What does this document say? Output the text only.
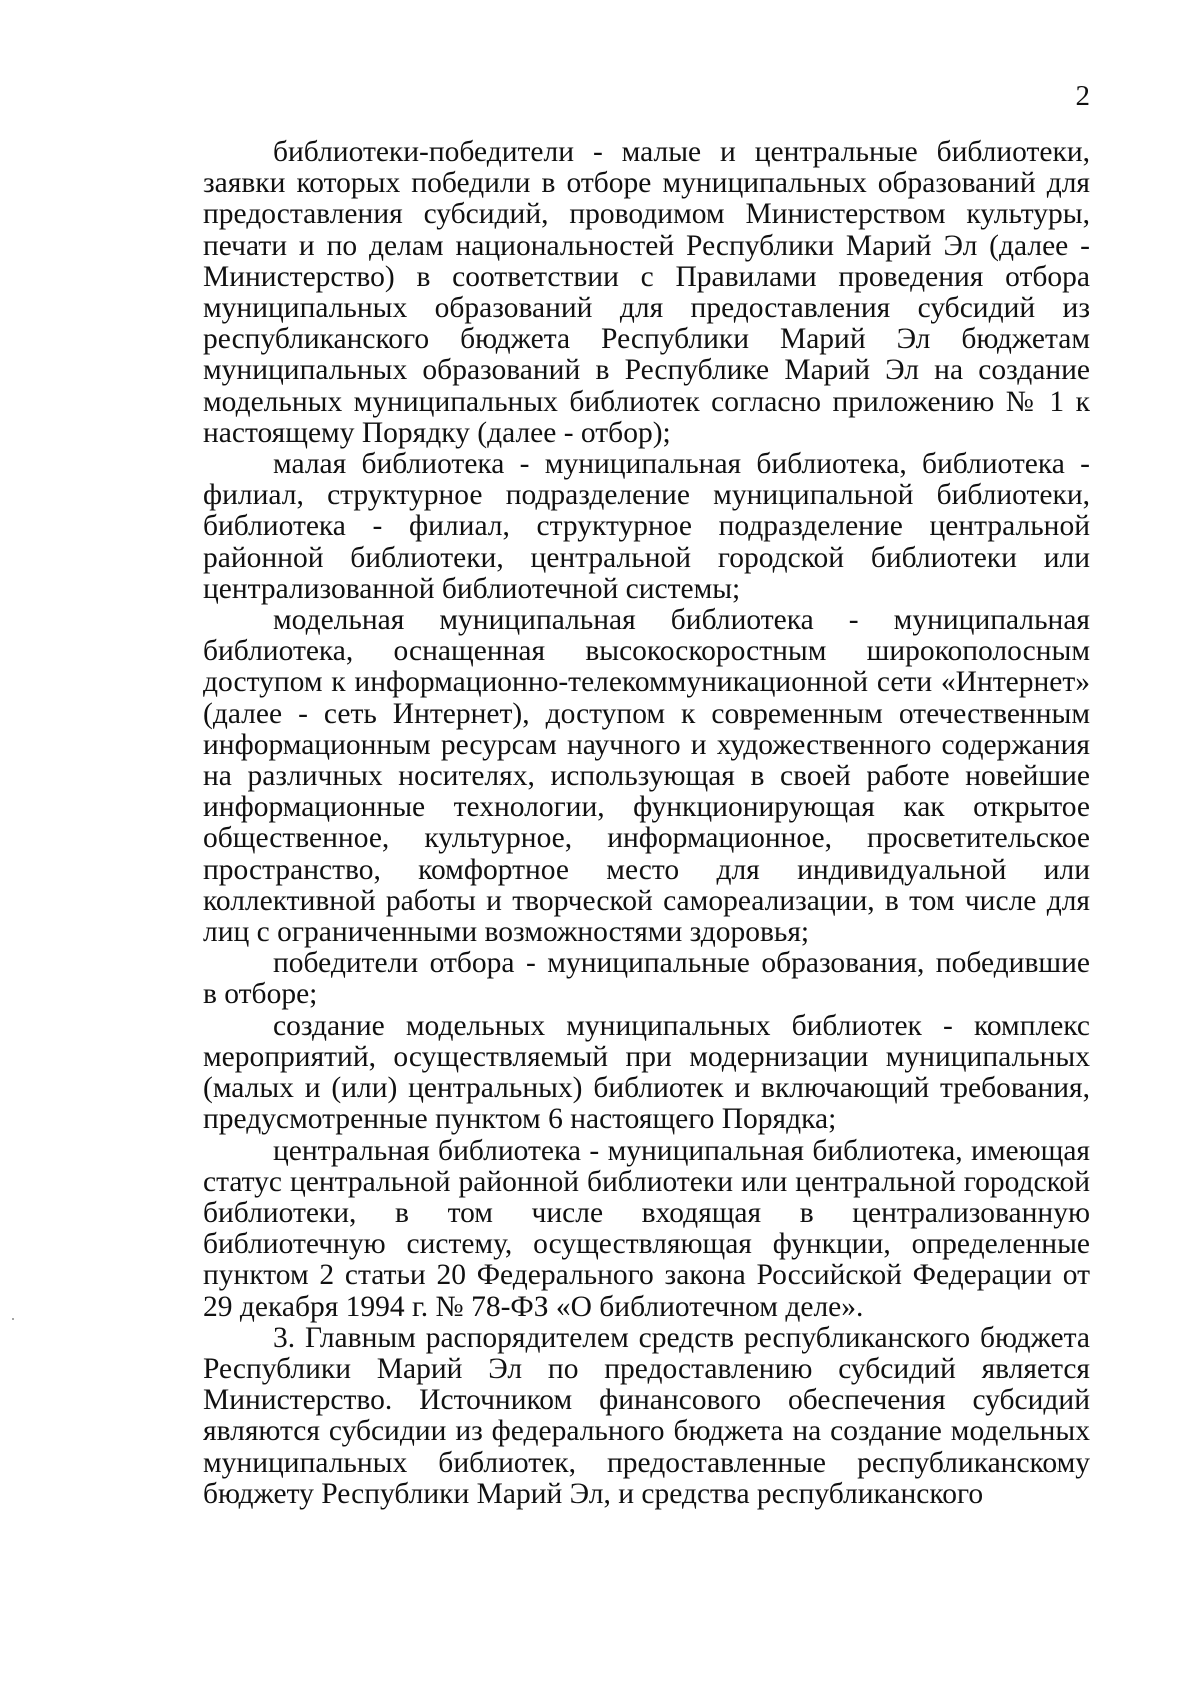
2

библиотеки-победители - малые и центральные библиотеки, заявки которых победили в отборе муниципальных образований для предоставления субсидий, проводимом Министерством культуры, печати и по делам национальностей Республики Марий Эл (далее - Министерство) в соответствии с Правилами проведения отбора муниципальных образований для предоставления субсидий из республиканского бюджета Республики Марий Эл бюджетам муниципальных образований в Республике Марий Эл на создание модельных муниципальных библиотек согласно приложению № 1 к настоящему Порядку (далее - отбор);

малая библиотека - муниципальная библиотека, библиотека - филиал, структурное подразделение муниципальной библиотеки, библиотека - филиал, структурное подразделение центральной районной библиотеки, центральной городской библиотеки или централизованной библиотечной системы;

модельная муниципальная библиотека - муниципальная библиотека, оснащенная высокоскоростным широкополосным доступом к информационно-телекоммуникационной сети «Интернет» (далее - сеть Интернет), доступом к современным отечественным информационным ресурсам научного и художественного содержания на различных носителях, использующая в своей работе новейшие информационные технологии, функционирующая как открытое общественное, культурное, информационное, просветительское пространство, комфортное место для индивидуальной или коллективной работы и творческой самореализации, в том числе для лиц с ограниченными возможностями здоровья;

победители отбора - муниципальные образования, победившие в отборе;

создание модельных муниципальных библиотек - комплекс мероприятий, осуществляемый при модернизации муниципальных (малых и (или) центральных) библиотек и включающий требования, предусмотренные пунктом 6 настоящего Порядка;

центральная библиотека - муниципальная библиотека, имеющая статус центральной районной библиотеки или центральной городской библиотеки, в том числе входящая в централизованную библиотечную систему, осуществляющая функции, определенные пунктом 2 статьи 20 Федерального закона Российской Федерации от 29 декабря 1994 г. № 78-ФЗ «О библиотечном деле».

3. Главным распорядителем средств республиканского бюджета Республики Марий Эл по предоставлению субсидий является Министерство. Источником финансового обеспечения субсидий являются субсидии из федерального бюджета на создание модельных муниципальных библиотек, предоставленные республиканскому бюджету Республики Марий Эл, и средства республиканского
